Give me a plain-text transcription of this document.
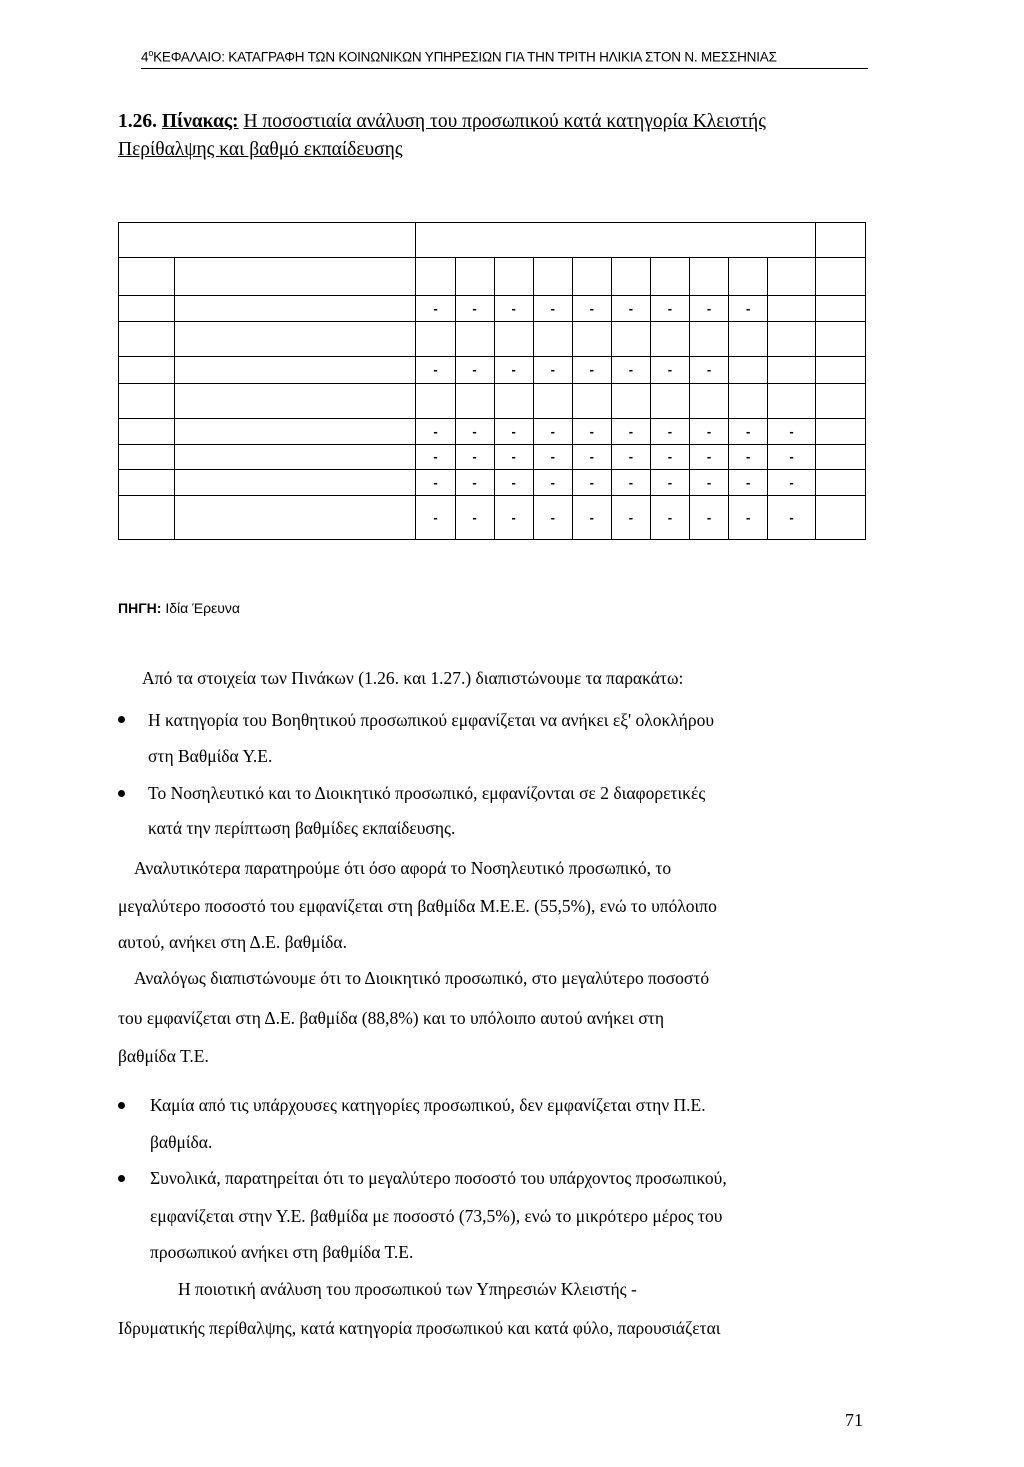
$4^oKE\Phi A\Lambda AIO$: ΚΑΤΑΓΡΑΦΗ ΤΩΝ ΚΟΙΝΩΝΙΚΩΝ ΥΠΗΡΕΣΙΩΝ ΓΙΑ ΤΗΝ ΤΡΙΤΗ ΗΛΙΚΙΑ ΣΤΟΝ Ν. ΜΕΣΣΗΝΙΑΣ
1.26. Πίνακας: Η ποσοστιαία ανάλυση του προσωπικού κατά κατηγορία Κλειστής
Περίθαλψης και βαθμό εκπαίδευσης

		-	-	-	-	-	-	-	-	-		

		-	-	-	-	-	-	-	-			

		-	-	-	-	-	-	-	-	-	-	
		-	-	-	-	-	-	-	-	-	-	
		-	-	-	-	-	-	-	-	-	-	
		-	-	-	-	-	-	-	-	-	-	
ΠΗΓΗ: Ιδία Έρευνα
Από τα στοιχεία των Πινάκων (1.26. και 1.27.) διαπιστώνουμε τα παρακάτω:
Η κατηγορία του Βοηθητικού προσωπικού εμφανίζεται να ανήκει εξ' ολοκλήρου
στη Βαθμίδα Υ.Ε.
Το Νοσηλευτικό και το Διοικητικό προσωπικό, εμφανίζονται σε 2 διαφορετικές
κατά την περίπτωση βαθμίδες εκπαίδευσης.
Αναλυτικότερα παρατηρούμε ότι όσο αφορά το Νοσηλευτικό προσωπικό, το
μεγαλύτερο ποσοστό του εμφανίζεται στη βαθμίδα Μ.Ε.Ε. (55,5%), ενώ το υπόλοιπο
αυτού, ανήκει στη Δ.Ε. βαθμίδα.
Αναλόγως διαπιστώνουμε ότι το Διοικητικό προσωπικό, στο μεγαλύτερο ποσοστό
του εμφανίζεται στη Δ.Ε. βαθμίδα (88,8%) και το υπόλοιπο αυτού ανήκει στη
βαθμίδα Τ.Ε.
Καμία από τις υπάρχουσες κατηγορίες προσωπικού, δεν εμφανίζεται στην Π.Ε.
βαθμίδα.
Συνολικά, παρατηρείται ότι το μεγαλύτερο ποσοστό του υπάρχοντος προσωπικού,
εμφανίζεται στην Υ.Ε. βαθμίδα με ποσοστό (73,5%), ενώ το μικρότερο μέρος του
προσωπικού ανήκει στη βαθμίδα Τ.Ε.
Η ποιοτική ανάλυση του προσωπικού των Υπηρεσιών Κλειστής -
Ιδρυματικής περίθαλψης, κατά κατηγορία προσωπικού και κατά φύλο, παρουσιάζεται
71
